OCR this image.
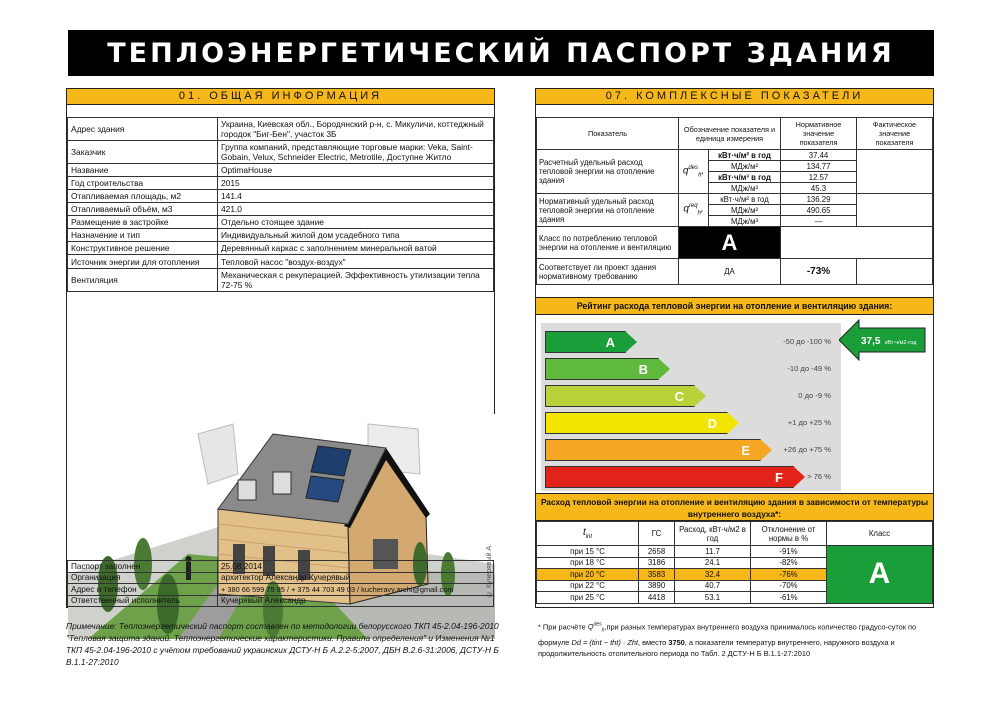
ТЕПЛОЭНЕРГЕТИЧЕСКИЙ ПАСПОРТ ЗДАНИЯ
01. ОБЩАЯ ИНФОРМАЦИЯ
Адрес здания	Украина, Киевская обл., Бородянский р-н, с. Микуличи, коттеджный городок "Биг-Бен", участок 3Б
Заказчик	Группа компаний, представляющие торговые марки: Veka, Saint-Gobain, Velux, Schneider Electric, Metrotile, Доступне Житло
Название	OptimaHouse
Год строительства	2015
Отапливаемая площадь, м2	141.4
Отапливаемый объём, м3	421.0
Размещение в застройке	Отдельно стоящее здание
Назначение и тип	Индивидуальный жилой дом усадебного типа
Конструктивное решение	Деревянный каркас с заполнением минеральной ватой
Источник энергии для отопления	Тепловой насос "воздух-воздух"
Вентиляция	Механическая с рекуперацией. Эффективность утилизации тепла 72-75 %
© Кучерявый А.
Паспорт заполнен	25.08.2014
Организация	архитектор Александр Кучерявый
Адрес и телефон	+ 380 66 599 75 95 / + 375 44 703 49 03 / kucheravy.archi@gmail.com
Ответственный исполнитель	Кучерявый Александр
Примечание: Теплоэнергетический паспорт составлен по методологии белорусского ТКП 45-2.04-196-2010 "Тепловая защита зданий. Теплоэнергетические характеристики. Правила определения" и Изменения №1 ТКП 45-2.04-196-2010 с учётом требований украинских ДСТУ-Н Б А.2.2-5:2007, ДБН В.2.6-31:2006, ДСТУ-Н Б В.1.1-27:2010
07. КОМПЛЕКСНЫЕ ПОКАЗАТЕЛИ
Показатель	Обозначение показателя и единица измерения		Нормативное значение показателя	Фактическое значение показателя
Расчетный удельный расход тепловой энергии на отопление здания	$q^{des}_h$,	кВт·ч/м² в год	37.44	
		МДж/м²	134.77	
		кВт·ч/м³ в год	12.57	
		МДж/м³	45.3	
Нормативный удельный расход тепловой энергии на отопление здания	$q^{req}_h$,	кВт·ч/м² в год	136.29	
		МДж/м²	490.65	
		МДж/м³	—	
Класс по потреблению тепловой энергии на отопление и вентиляцию	A			
Соответствует ли проект здания нормативному требованию	ДА		-73%	
Рейтинг расхода тепловой энергии на отопление и вентиляцию здания:
A	-50 до -100 %
B	-10 до -49 %
C	0 до -9 %
D	+1 до +25 %
E	+26 до +75 %
F	> 76 %
37,5 кВт·ч/м2·год
Расход тепловой энергии на отопление и вентиляцию здания в зависимости от температуры внутреннего воздуха*:
$t_{int}$	ГС	Расход, кВт·ч/м2 в год	Отклонение от нормы в %	Класс
при 15 °С	2658	11.7	-91%	A
при 18 °С	3186	24.1	-82%	
при 20 °С	3583	32.4	-76%	
при 22 °С	3890	40.7	-70%	
при 25 °С	4418	53.1	-61%	
* При расчёте $Q^{des}_h,при$ разных температурах внутреннего воздуха принималось количество градусо-суток по формуле Dd = (tint − tht) · Zht, вместо 3750, а показатели температур внутреннего, наружного воздуха и продолжительность отопительного периода по Табл. 2 ДСТУ-Н Б В.1.1-27:2010
